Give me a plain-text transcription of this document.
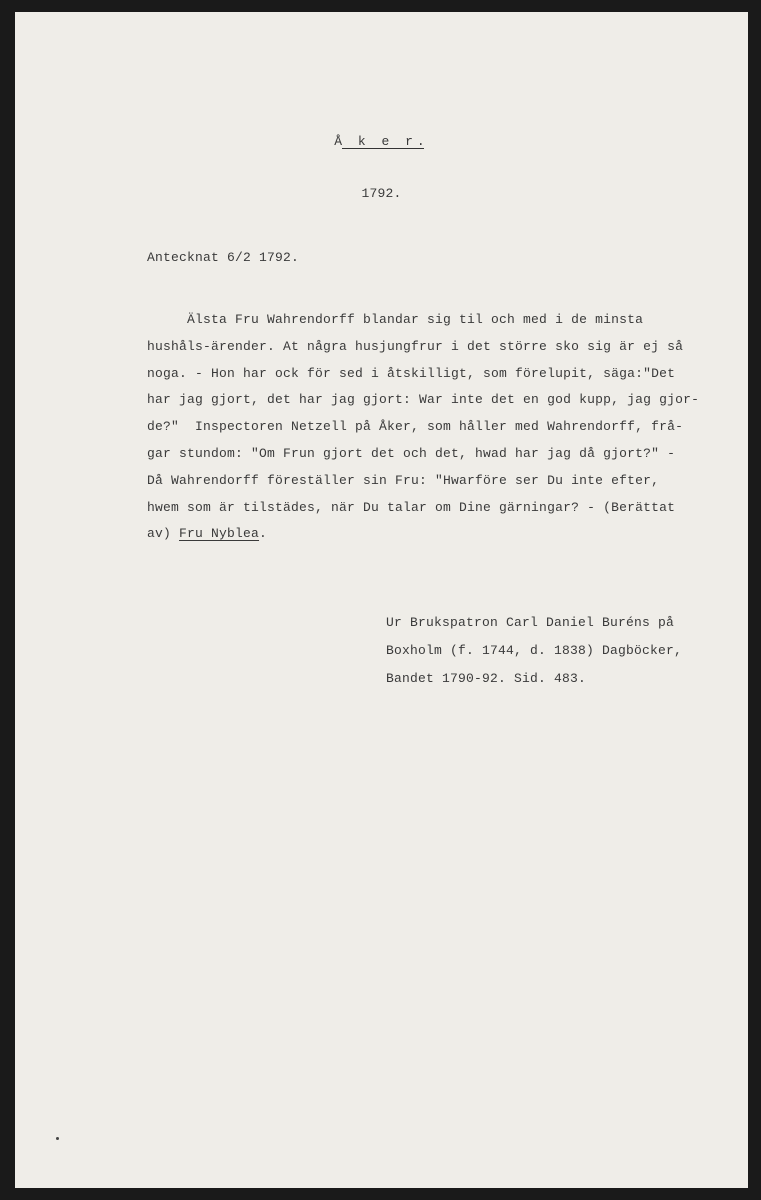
Å k e r.
1792.
Antecknat 6/2 1792.
Älsta Fru Wahrendorff blandar sig til och med i de minsta
hushåls-ärender. At några husjungfrur i det större sko sig är ej så
noga. - Hon har ock för sed i åtskilligt, som förelupit, säga:"Det
har jag gjort, det har jag gjort: War inte det en god kupp, jag gjor-
de?"  Inspectoren Netzell på Åker, som håller med Wahrendorff, frå-
gar stundom: "Om Frun gjort det och det, hwad har jag då gjort?" -
Då Wahrendorff föreställer sin Fru: "Hwarföre ser Du inte efter,
hwem som är tilstädes, när Du talar om Dine gärningar? - (Berättat
av) Fru Nyblea.
Ur Brukspatron Carl Daniel Buréns på
Boxholm (f. 1744, d. 1838) Dagböcker,
Bandet 1790-92. Sid. 483.
